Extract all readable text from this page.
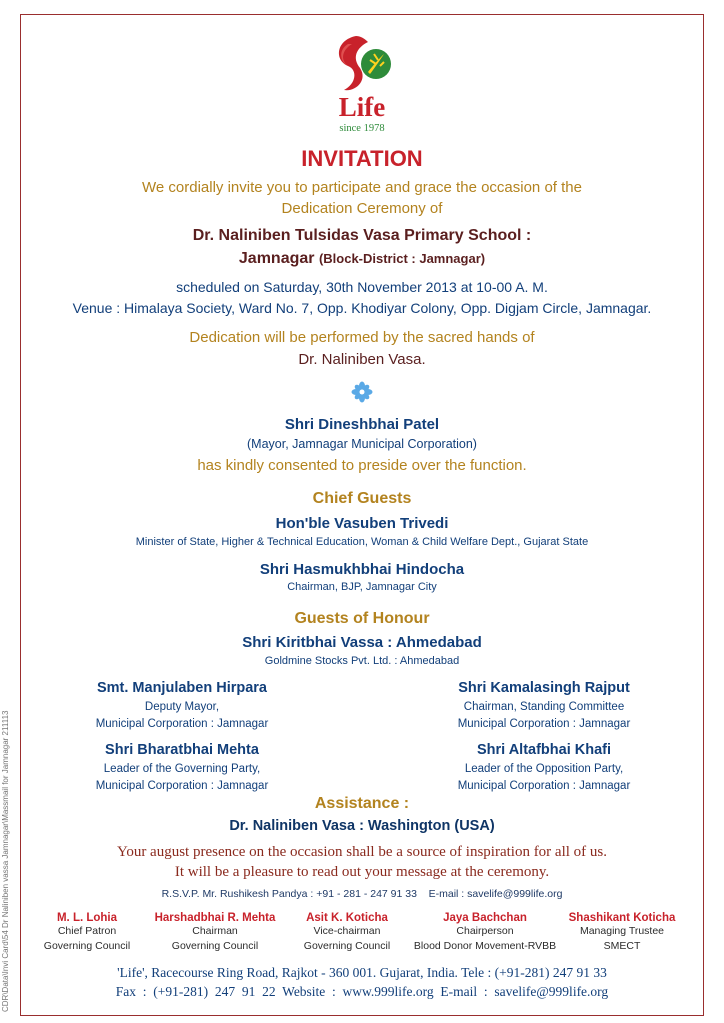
CDR\Data\Invi Card\54 Dr Naliniben vassa Jamnagar\Massmail for Jamnagar 211113
Life
since 1978
INVITATION
We cordially invite you to participate and grace the occasion of the
Dedication Ceremony of
Dr. Naliniben Tulsidas Vasa Primary School :
Jamnagar (Block-District : Jamnagar)
scheduled on Saturday, 30th November 2013 at 10-00 A. M.
Venue : Himalaya Society, Ward No. 7, Opp. Khodiyar Colony, Opp. Digjam Circle, Jamnagar.
Dedication will be performed by the sacred hands of
Dr. Naliniben Vasa.
Shri Dineshbhai Patel
(Mayor, Jamnagar Municipal Corporation)
has kindly consented to preside over the function.
Chief Guests
Hon'ble Vasuben Trivedi
Minister of State, Higher & Technical Education, Woman & Child Welfare Dept., Gujarat State
Shri Hasmukhbhai Hindocha
Chairman, BJP, Jamnagar City
Guests of Honour
Shri Kiritbhai Vassa : Ahmedabad
Goldmine Stocks Pvt. Ltd. : Ahmedabad
Smt. Manjulaben Hirpara
Deputy Mayor,
Municipal Corporation : Jamnagar
Shri Kamalasingh Rajput
Chairman, Standing Committee
Municipal Corporation : Jamnagar
Shri Bharatbhai Mehta
Leader of the Governing Party,
Municipal Corporation : Jamnagar
Shri Altafbhai Khafi
Leader of the Opposition Party,
Municipal Corporation : Jamnagar
Assistance :
Dr. Naliniben Vasa : Washington (USA)
Your august presence on the occasion shall be a source of inspiration for all of us.
It will be a pleasure to read out your message at the ceremony.
R.S.V.P. Mr. Rushikesh Pandya : +91 - 281 - 247 91 33    E-mail : savelife@999life.org
M. L. Lohia
Chief Patron
Governing Council
Harshadbhai R. Mehta
Chairman
Governing Council
Asit K. Koticha
Vice-chairman
Governing Council
Jaya Bachchan
Chairperson
Blood Donor Movement-RVBB
Shashikant Koticha
Managing Trustee
SMECT
'Life', Racecourse Ring Road, Rajkot - 360 001. Gujarat, India. Tele : (+91-281) 247 91 33
Fax  :  (+91-281)  247  91  22  Website  :  www.999life.org  E-mail  :  savelife@999life.org
